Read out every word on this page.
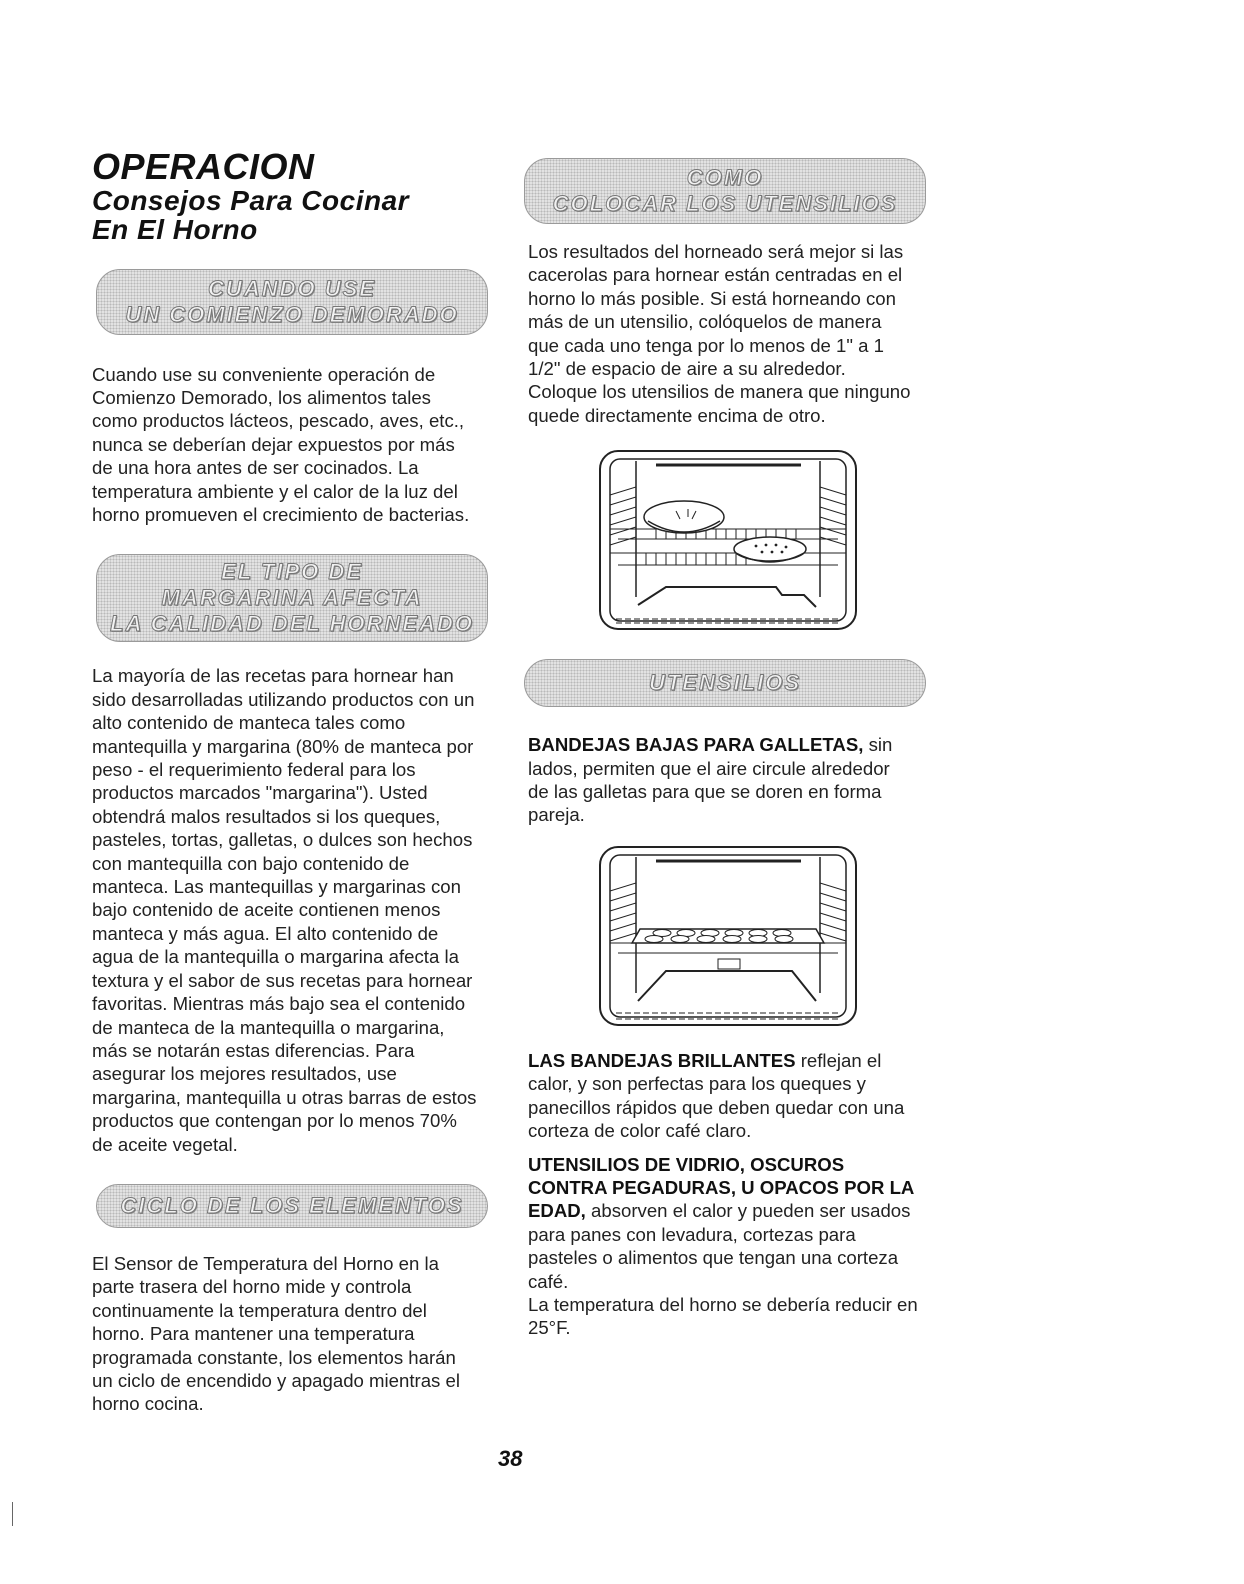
OPERACION
Consejos Para Cocinar
En El Horno
CUANDO USE
UN COMIENZO DEMORADO

Cuando use su conveniente operación de Comienzo Demorado, los alimentos tales como productos lácteos, pescado, aves, etc., nunca se deberían dejar expuestos por más de una hora antes de ser cocinados. La temperatura ambiente y el calor de la luz del horno promueven el crecimiento de bacterias.

EL TIPO DE
MARGARINA AFECTA
LA CALIDAD DEL HORNEADO

La mayoría de las recetas para hornear han sido desarrolladas utilizando productos con un alto contenido de manteca tales como mantequilla y margarina (80% de manteca por peso - el requerimiento federal para los productos marcados "margarina"). Usted obtendrá malos resultados si los queques, pasteles, tortas, galletas, o dulces son hechos con mantequilla con bajo contenido de manteca. Las mantequillas y margarinas con bajo contenido de aceite contienen menos manteca y más agua. El alto contenido de agua de la mantequilla o margarina afecta la textura y el sabor de sus recetas para hornear favoritas. Mientras más bajo sea el contenido de manteca de la mantequilla o margarina, más se notarán estas diferencias. Para asegurar los mejores resultados, use margarina, mantequilla u otras barras de estos productos que contengan por lo menos 70% de aceite vegetal.

CICLO DE LOS ELEMENTOS

El Sensor de Temperatura del Horno en la parte trasera del horno mide y controla continuamente la temperatura dentro del horno. Para mantener una temperatura programada constante, los elementos harán un ciclo de encendido y apagado mientras el horno cocina.

COMO
COLOCAR LOS UTENSILIOS

Los resultados del horneado será mejor si las cacerolas para hornear están centradas en el horno lo más posible. Si está horneando con más de un utensilio, colóquelos de manera que cada uno tenga por lo menos de 1" a 1 1/2" de espacio de aire a su alrededor. Coloque los utensilios de manera que ninguno quede directamente encima de otro.

UTENSILIOS

BANDEJAS BAJAS PARA GALLETAS, sin lados, permiten que el aire circule alrededor de las galletas para que se doren en forma pareja.

LAS BANDEJAS BRILLANTES reflejan el calor, y son perfectas para los queques y panecillos rápidos que deben quedar con una corteza de color café claro.

UTENSILIOS DE VIDRIO, OSCUROS CONTRA PEGADURAS, U OPACOS POR LA EDAD, absorven el calor y pueden ser usados para panes con levadura, cortezas para pasteles o alimentos que tengan una corteza café.

La temperatura del horno se debería reducir en 25°F.

38
